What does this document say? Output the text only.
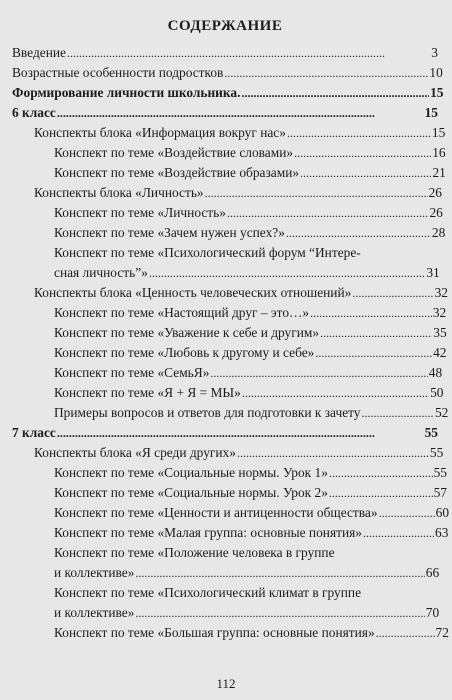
СОДЕРЖАНИЕ
Введение . . .	3
Возрастные особенности подростков . . .	10
Формирование личности школьника. . . .	15
6 класс . . .	15
Конспекты блока «Информация вокруг нас» . . .	15
Конспект по теме «Воздействие словами» . . .	16
Конспект по теме «Воздействие образами» . . .	21
Конспекты блока «Личность» . . .	26
Конспект по теме «Личность» . . .	26
Конспект по теме «Зачем нужен успех?» . . .	28
Конспект по теме «Психологический форум “Интере-
сная личность”» . . .	31
Конспекты блока «Ценность человеческих отношений» . . .	32
Конспект по теме «Настоящий друг – это…» . . .	32
Конспект по теме «Уважение к себе и другим» . . .	35
Конспект по теме «Любовь к другому и себе» . . .	42
Конспект по теме «СемьЯ» . . .	48
Конспект по теме «Я + Я = МЫ» . . .	50
Примеры вопросов и ответов для подготовки к зачету . . .	52
7 класс . . .	55
Конспекты блока «Я среди других» . . .	55
Конспект по теме «Социальные нормы. Урок 1» . . .	55
Конспект по теме «Социальные нормы. Урок 2» . . .	57
Конспект по теме «Ценности и антиценности общества» . . .	60
Конспект по теме «Малая группа: основные понятия» . . .	63
Конспект по теме «Положение человека в группе
и коллективе» . . .	66
Конспект по теме «Психологический климат в группе
и коллективе» . . .	70
Конспект по теме «Большая группа: основные понятия» . . .	72
112
